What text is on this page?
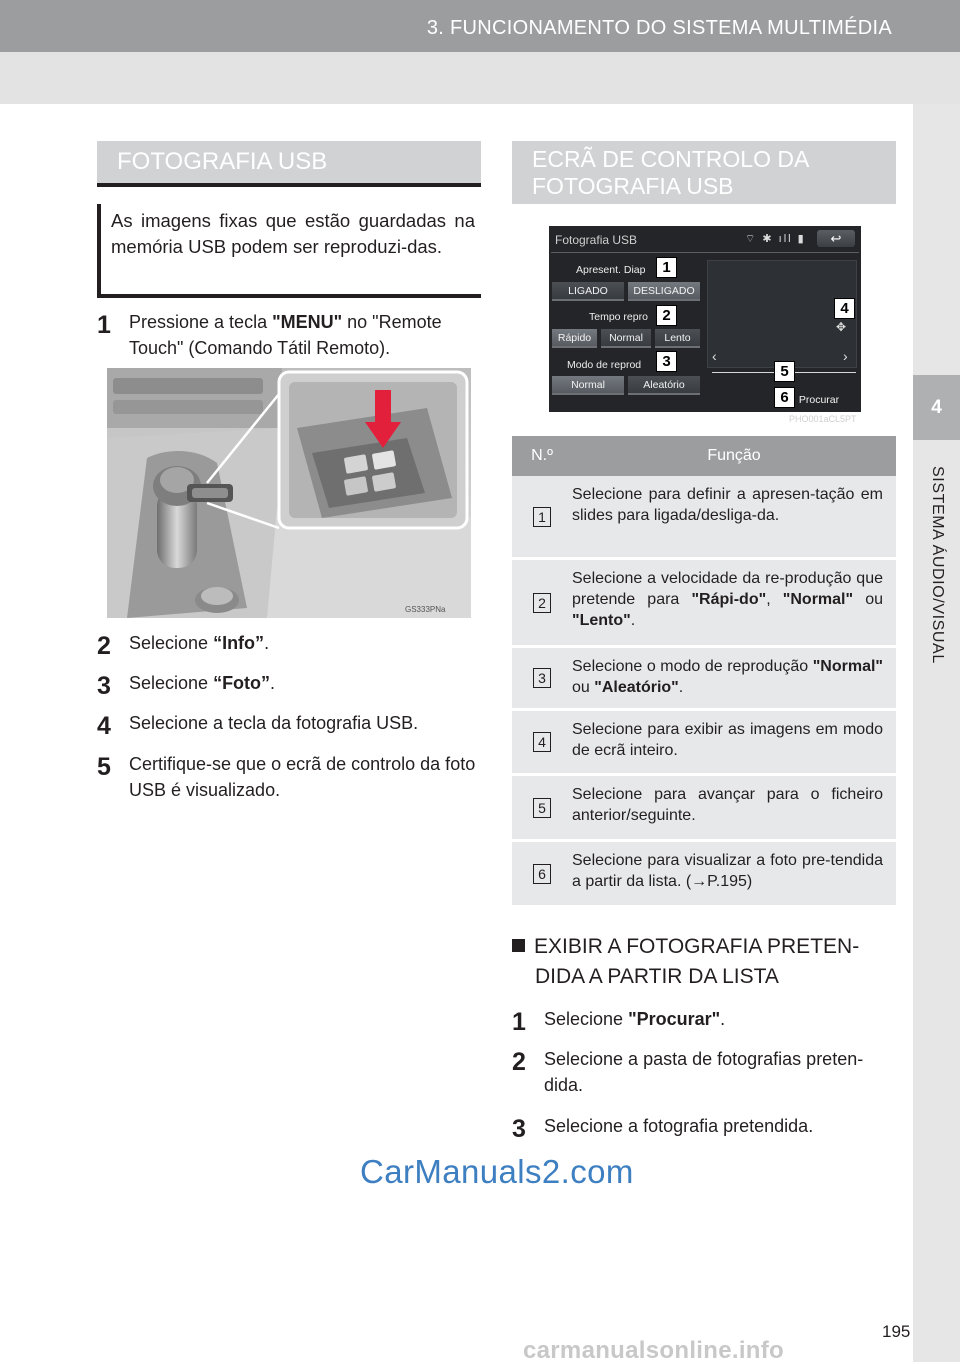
3. FUNCIONAMENTO DO SISTEMA MULTIMÉDIA
4
SISTEMA ÁUDIO/VISUAL
FOTOGRAFIA USB
As imagens fixas que estão guardadas na memória USB podem ser reproduzi-das.
1	Pressione a tecla "MENU" no "Remote Touch" (Comando Tátil Remoto).
GS333PNa
2	Selecione “Info”.
3	Selecione “Foto”.
4	Selecione a tecla da fotografia USB.
5	Certifique-se que o ecrã de controlo da foto USB é visualizado.
ECRÃ DE CONTROLO DA FOTOGRAFIA USB
Fotografia USB	⌔ ✱ ıll ▮ ↩
Apresent. Diap
LIGADO	DESLIGADO
Tempo repro
Rápido	Normal	Lento
Modo de reprod
Normal	Aleatório
✥
‹	›
Procurar
PHO001aCL5PT
1
2
3
4
5
6
N.º	Função
1
Selecione para definir a apresen-tação em slides para ligada/desliga-da.
2
Selecione a velocidade da re-produção que pretende para "Rápi-do", "Normal" ou "Lento".
3
Selecione o modo de reprodução "Normal" ou "Aleatório".
4
Selecione para exibir as imagens em modo de ecrã inteiro.
5
Selecione para avançar para o ficheiro anterior/seguinte.
6
Selecione para visualizar a foto pre-tendida a partir da lista. (→P.195)
EXIBIR A FOTOGRAFIA PRETEN-
DIDA A PARTIR DA LISTA
1	Selecione "Procurar".
2	Selecione a pasta de fotografias preten-dida.
3	Selecione a fotografia pretendida.
CarManuals2.com
195
carmanualsonline.info
